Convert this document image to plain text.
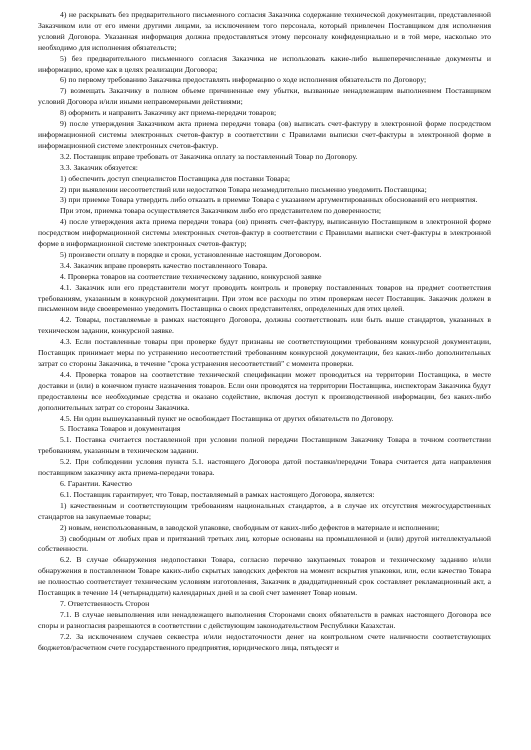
4) не раскрывать без предварительного письменного согласия Заказчика содержание технической документации, представленной Заказчиком или от его имени другими лицами, за исключением того персонала, который привлечен Поставщиком для исполнения условий Договора. Указанная информация должна предоставляться этому персоналу конфиденциально и в той мере, насколько это необходимо для исполнения обязательств;

5) без предварительного письменного согласия Заказчика не использовать какие-либо вышеперечисленные документы и информацию, кроме как в целях реализации Договора;

6) по первому требованию Заказчика предоставлять информацию о ходе исполнения обязательств по Договору;

7) возмещать Заказчику в полном объеме причиненные ему убытки, вызванные ненадлежащим выполнением Поставщиком условий Договора и/или иными неправомерными действиями;

8) оформить и направить Заказчику акт приема-передачи товаров;

9) после утверждения Заказчиком акта приема передачи товара (ов) выписать счет-фактуру в электронной форме посредством информационной системы электронных счетов-фактур в соответствии с Правилами выписки счет-фактуры в электронной форме в информационной системе электронных счетов-фактур.

3.2. Поставщик вправе требовать от Заказчика оплату за поставленный Товар по Договору.

3.3. Заказчик обязуется:

1) обеспечить доступ специалистов Поставщика для поставки Товара;

2) при выявлении несоответствий или недостатков Товара незамедлительно письменно уведомить Поставщика;

3) при приемке Товара утвердить либо отказать в приемке Товара с указанием аргументированных обоснований его неприятия.

При этом, приемка товара осуществляется Заказчиком либо его представителем по доверенности;

4) после утверждения акта приема передачи товара (ов) принять счет-фактуру, выписанную Поставщиком в электронной форме посредством информационной системы электронных счетов-фактур в соответствии с Правилами выписки счет-фактуры в электронной форме в информационной системе электронных счетов-фактур;

5) произвести оплату в порядке и сроки, установленные настоящим Договором.

3.4. Заказчик вправе проверять качество поставленного Товара.

4. Проверка товаров на соответствие техническому заданию, конкурсной заявке

4.1. Заказчик или его представители могут проводить контроль и проверку поставленных товаров на предмет соответствия требованиям, указанным в конкурсной документации. При этом все расходы по этим проверкам несет Поставщик. Заказчик должен в письменном виде своевременно уведомить Поставщика о своих представителях, определенных для этих целей.

4.2. Товары, поставляемые в рамках настоящего Договора, должны соответствовать или быть выше стандартов, указанных в техническом задании, конкурсной заявке.

4.3. Если поставленные товары при проверке будут признаны не соответствующими требованиям конкурсной документации, Поставщик принимает меры по устранению несоответствий требованиям конкурсной документации, без каких-либо дополнительных затрат со стороны Заказчика, в течение "срока устранения несоответствий" с момента проверки.

4.4. Проверка товаров на соответствие технической спецификации может проводиться на территории Поставщика, в месте доставки и (или) в конечном пункте назначения товаров. Если они проводятся на территории Поставщика, инспекторам Заказчика будут предоставлены все необходимые средства и оказано содействие, включая доступ к производственной информации, без каких-либо дополнительных затрат со стороны Заказчика.

4.5. Ни один вышеуказанный пункт не освобождает Поставщика от других обязательств по Договору.

5. Поставка Товаров и документация

5.1. Поставка считается поставленной при условии полной передачи Поставщиком Заказчику Товара в точном соответствии требованиям, указанным в техническом задании.

5.2. При соблюдении условия пункта 5.1. настоящего Договора датой поставки/передачи Товара считается дата направления поставщиком заказчику акта приема-передачи товара.

6. Гарантии. Качество

6.1. Поставщик гарантирует, что Товар, поставляемый в рамках настоящего Договора, является:

1) качественным и соответствующим требованиям национальных стандартов, а в случае их отсутствия межгосударственных стандартов на закупаемые товары;

2) новым, неиспользованным, в заводской упаковке, свободным от каких-либо дефектов в материале и исполнении;

3) свободным от любых прав и притязаний третьих лиц, которые основаны на промышленной и (или) другой интеллектуальной собственности.

6.2. В случае обнаружения недопоставки Товара, согласно перечню закупаемых товаров и техническому заданию и/или обнаружения в поставленном Товаре каких-либо скрытых заводских дефектов на момент вскрытия упаковки, или, если качество Товара не полностью соответствует техническим условиям изготовления, Заказчик в двадцатидневный срок составляет рекламационный акт, а Поставщик в течение 14 (четырнадцати) календарных дней и за свой счет заменяет Товар новым.

7. Ответственность Сторон

7.1. В случае невыполнения или ненадлежащего выполнения Сторонами своих обязательств в рамках настоящего Договора все споры и разногласия разрешаются в соответствии с действующим законодательством Республики Казахстан.

7.2. За исключением случаев секвестра и/или недостаточности денег на контрольном счете наличности соответствующих бюджетов/расчетном счете государственного предприятия, юридического лица, пятьдесят и
